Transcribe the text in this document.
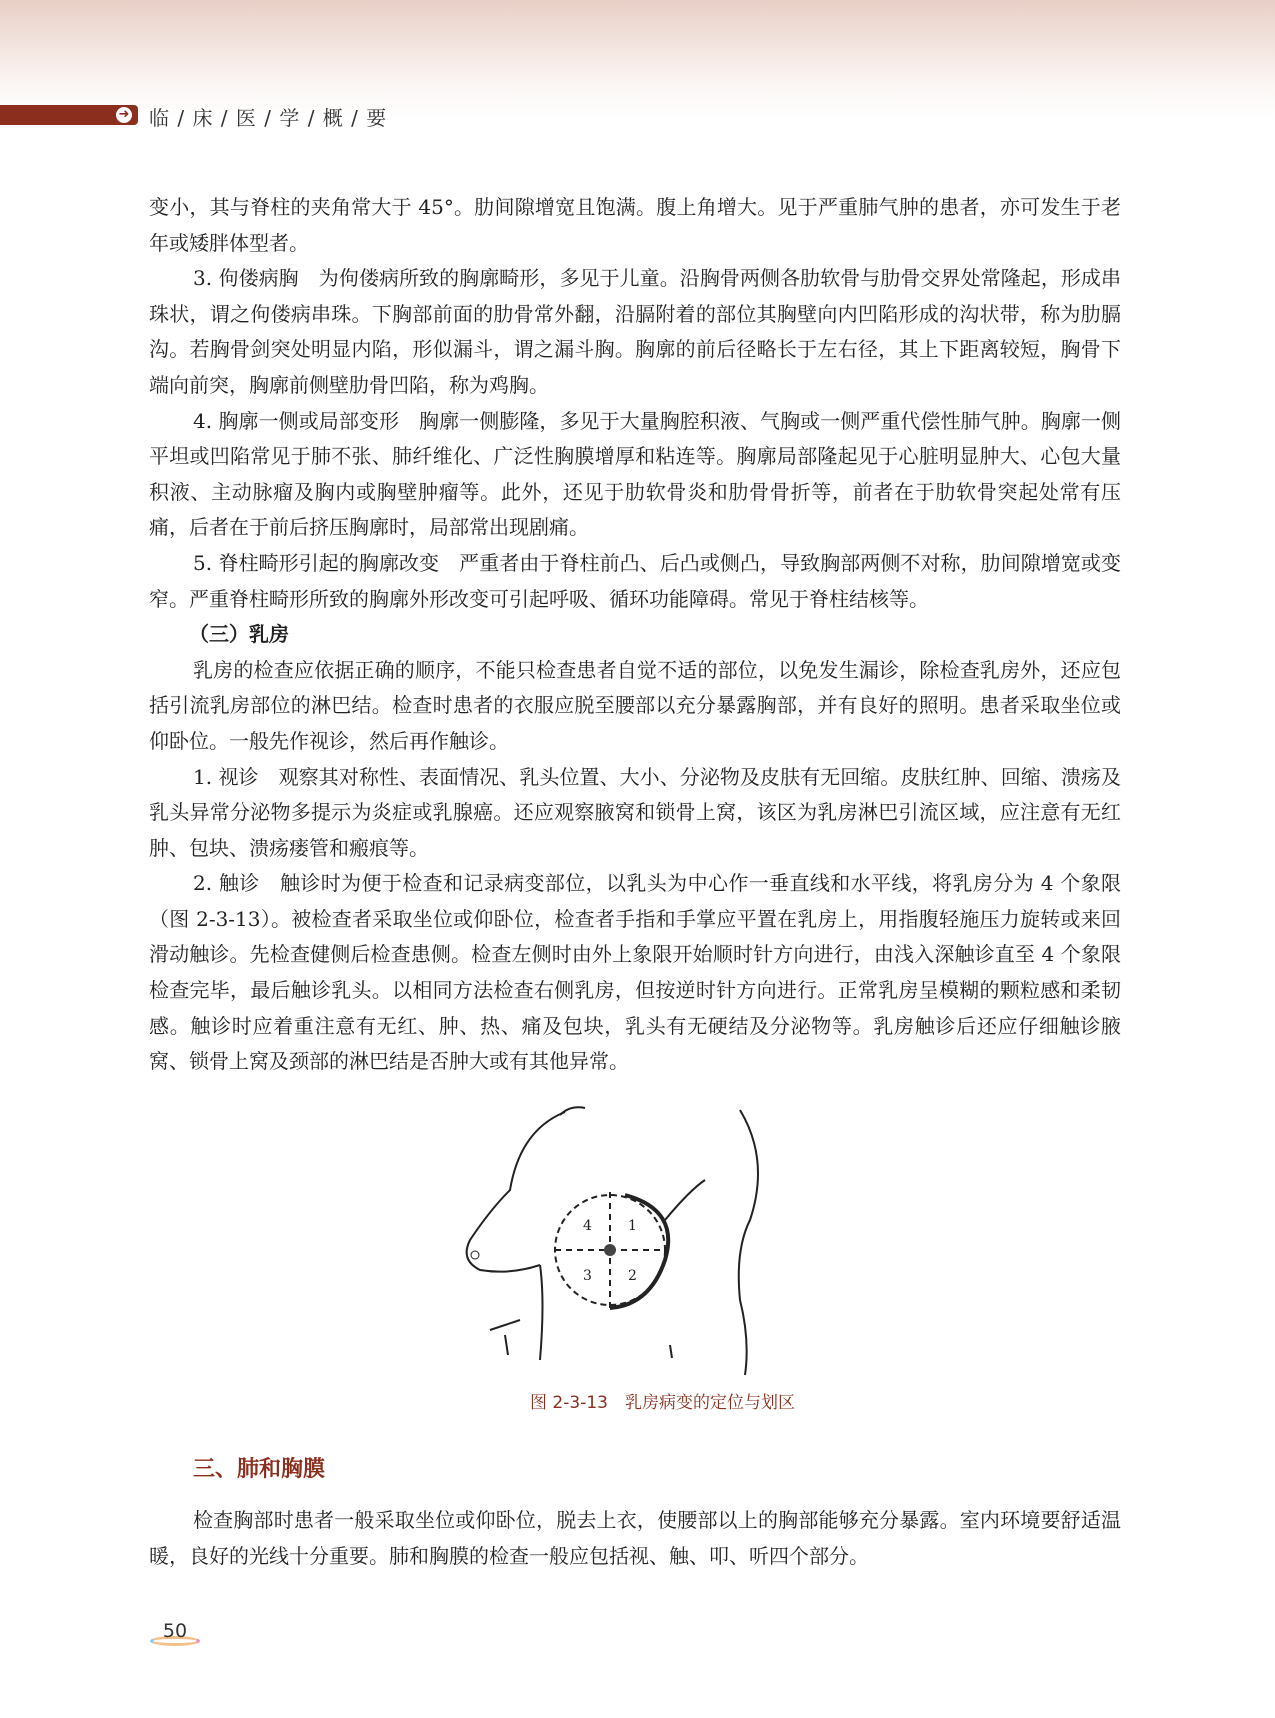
➜ 临 / 床 / 医 / 学 / 概 / 要

变小，其与脊柱的夹角常大于 45°。肋间隙增宽且饱满。腹上角增大。见于严重肺气肿的患者，亦可发生于老年或矮胖体型者。

3. 佝偻病胸　为佝偻病所致的胸廓畸形，多见于儿童。沿胸骨两侧各肋软骨与肋骨交界处常隆起，形成串珠状，谓之佝偻病串珠。下胸部前面的肋骨常外翻，沿膈附着的部位其胸壁向内凹陷形成的沟状带，称为肋膈沟。若胸骨剑突处明显内陷，形似漏斗，谓之漏斗胸。胸廓的前后径略长于左右径，其上下距离较短，胸骨下端向前突，胸廓前侧壁肋骨凹陷，称为鸡胸。

4. 胸廓一侧或局部变形　胸廓一侧膨隆，多见于大量胸腔积液、气胸或一侧严重代偿性肺气肿。胸廓一侧平坦或凹陷常见于肺不张、肺纤维化、广泛性胸膜增厚和粘连等。胸廓局部隆起见于心脏明显肿大、心包大量积液、主动脉瘤及胸内或胸壁肿瘤等。此外，还见于肋软骨炎和肋骨骨折等，前者在于肋软骨突起处常有压痛，后者在于前后挤压胸廓时，局部常出现剧痛。

5. 脊柱畸形引起的胸廓改变　严重者由于脊柱前凸、后凸或侧凸，导致胸部两侧不对称，肋间隙增宽或变窄。严重脊柱畸形所致的胸廓外形改变可引起呼吸、循环功能障碍。常见于脊柱结核等。

（三）乳房

乳房的检查应依据正确的顺序，不能只检查患者自觉不适的部位，以免发生漏诊，除检查乳房外，还应包括引流乳房部位的淋巴结。检查时患者的衣服应脱至腰部以充分暴露胸部，并有良好的照明。患者采取坐位或仰卧位。一般先作视诊，然后再作触诊。

1. 视诊　观察其对称性、表面情况、乳头位置、大小、分泌物及皮肤有无回缩。皮肤红肿、回缩、溃疡及乳头异常分泌物多提示为炎症或乳腺癌。还应观察腋窝和锁骨上窝，该区为乳房淋巴引流区域，应注意有无红肿、包块、溃疡瘘管和瘢痕等。

2. 触诊　触诊时为便于检查和记录病变部位，以乳头为中心作一垂直线和水平线，将乳房分为 4 个象限（图 2-3-13）。被检查者采取坐位或仰卧位，检查者手指和手掌应平置在乳房上，用指腹轻施压力旋转或来回滑动触诊。先检查健侧后检查患侧。检查左侧时由外上象限开始顺时针方向进行，由浅入深触诊直至 4 个象限检查完毕，最后触诊乳头。以相同方法检查右侧乳房，但按逆时针方向进行。正常乳房呈模糊的颗粒感和柔韧感。触诊时应着重注意有无红、肿、热、痛及包块，乳头有无硬结及分泌物等。乳房触诊后还应仔细触诊腋窝、锁骨上窝及颈部的淋巴结是否肿大或有其他异常。

1
2
3
4
图 2-3-13　乳房病变的定位与划区
三、肺和胸膜

检查胸部时患者一般采取坐位或仰卧位，脱去上衣，使腰部以上的胸部能够充分暴露。室内环境要舒适温暖，良好的光线十分重要。肺和胸膜的检查一般应包括视、触、叩、听四个部分。

50
